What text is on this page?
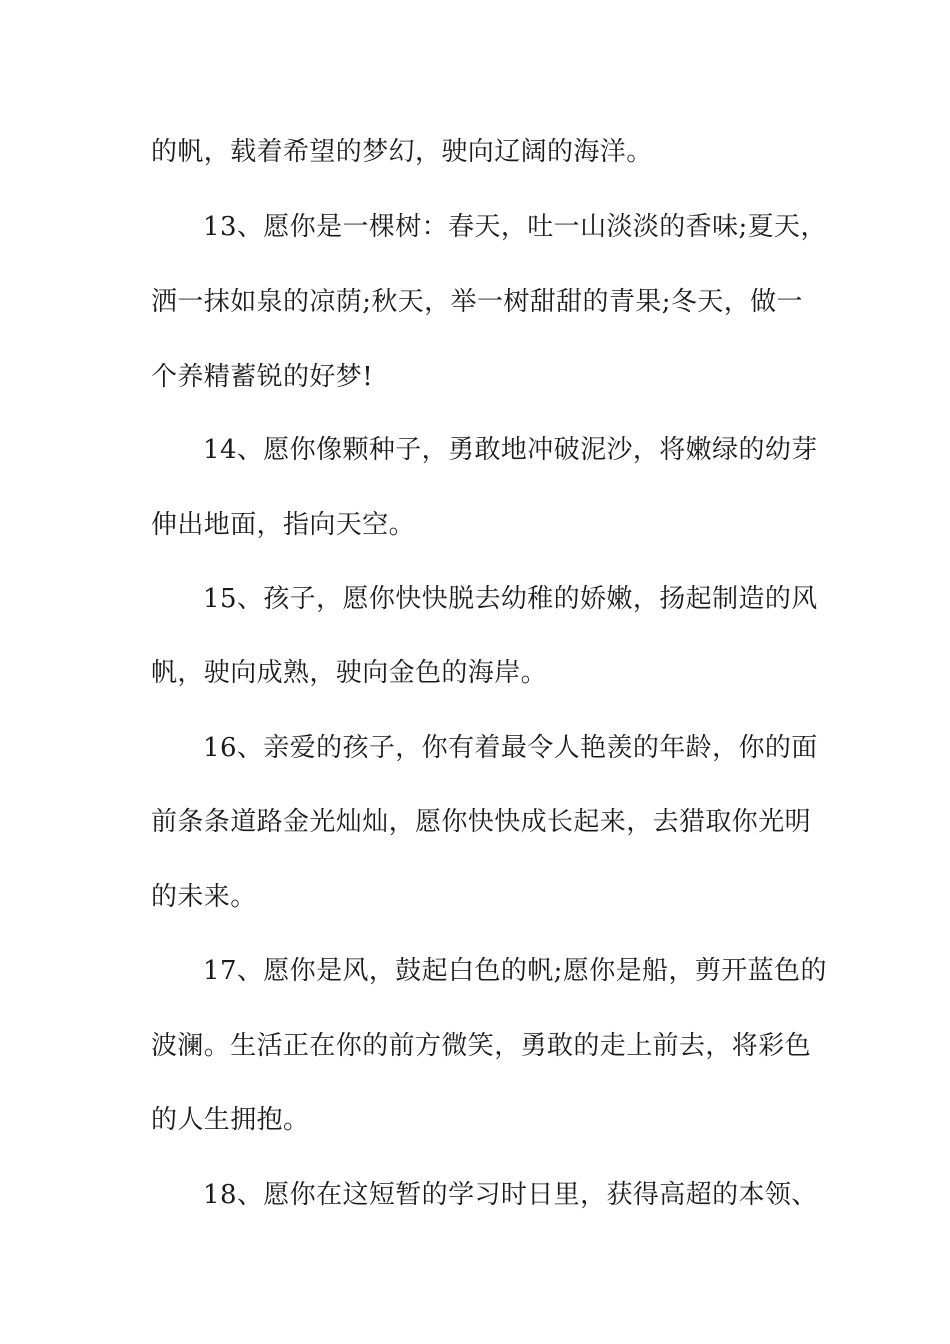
的帆，载着希望的梦幻，驶向辽阔的海洋。
13、愿你是一棵树：春天，吐一山淡淡的香味;夏天，
洒一抹如泉的凉荫;秋天，举一树甜甜的青果;冬天，做一
个养精蓄锐的好梦!
14、愿你像颗种子，勇敢地冲破泥沙，将嫩绿的幼芽
伸出地面，指向天空。
15、孩子，愿你快快脱去幼稚的娇嫩，扬起制造的风
帆，驶向成熟，驶向金色的海岸。
16、亲爱的孩子，你有着最令人艳羡的年龄，你的面
前条条道路金光灿灿，愿你快快成长起来，去猎取你光明
的未来。
17、愿你是风，鼓起白色的帆;愿你是船，剪开蓝色的
波澜。生活正在你的前方微笑，勇敢的走上前去，将彩色
的人生拥抱。
18、愿你在这短暂的学习时日里，获得高超的本领、
